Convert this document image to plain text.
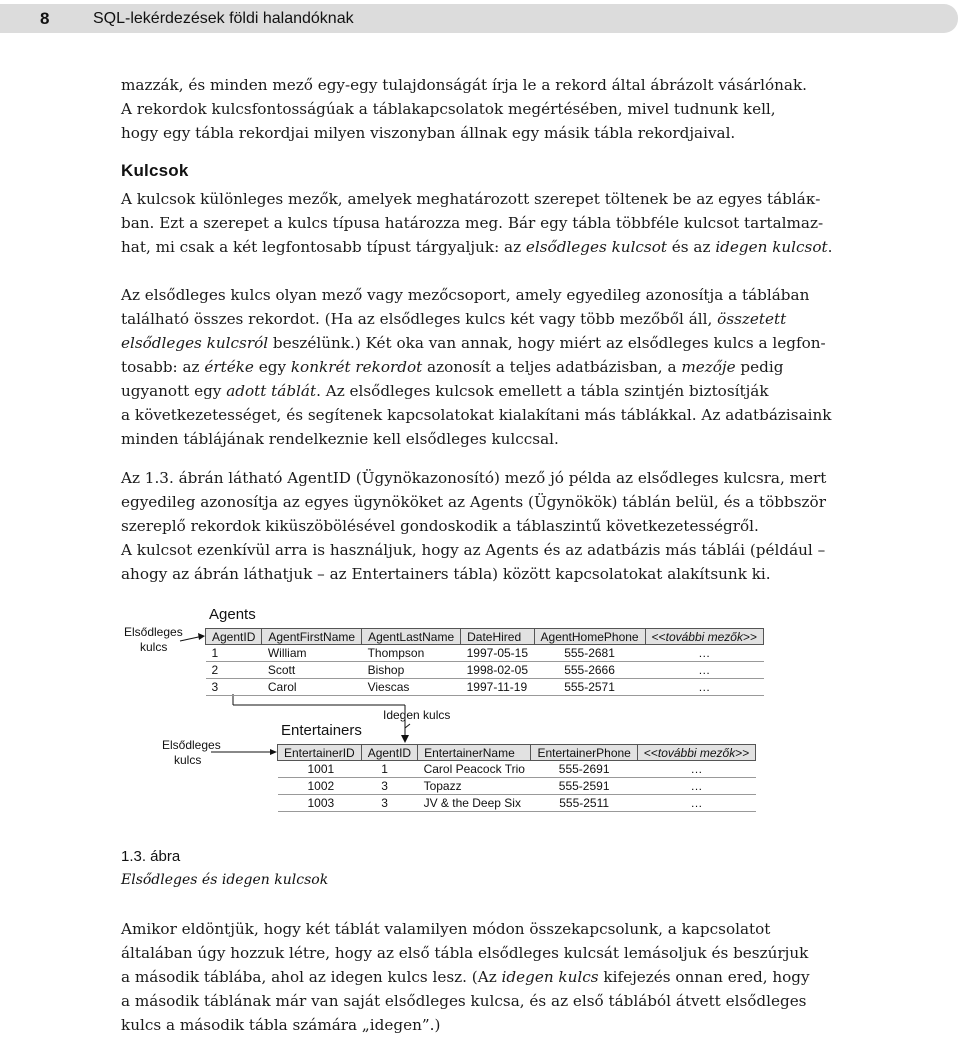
8	SQL-lekérdezések földi halandóknak

mazzák, és minden mező egy-egy tulajdonságát írja le a rekord által ábrázolt vásárlónak.

A rekordok kulcsfontosságúak a táblakapcsolatok megértésében, mivel tudnunk kell,

hogy egy tábla rekordjai milyen viszonyban állnak egy másik tábla rekordjaival.

Kulcsok

A kulcsok különleges mezők, amelyek meghatározott szerepet töltenek be az egyes tábláк-

ban. Ezt a szerepet a kulcs típusa határozza meg. Bár egy tábla többféle kulcsot tartalmaz-

hat, mi csak a két legfontosabb típust tárgyaljuk: az elsődleges kulcsot és az idegen kulcsot.

Az elsődleges kulcs olyan mező vagy mezőcsoport, amely egyedileg azonosítja a táblában

található összes rekordot. (Ha az elsődleges kulcs két vagy több mezőből áll, összetett

elsődleges kulcsról beszélünk.) Két oka van annak, hogy miért az elsődleges kulcs a legfon-

tosabb: az értéke egy konkrét rekordot azonosít a teljes adatbázisban, a mezője pedig

ugyanott egy adott táblát. Az elsődleges kulcsok emellett a tábla szintjén biztosítják

a következetességet, és segítenek kapcsolatokat kialakítani más táblákkal. Az adatbázisaink

minden táblájának rendelkeznie kell elsődleges kulccsal.

Az 1.3. ábrán látható AgentID (Ügynökazonosító) mező jó példa az elsődleges kulcsra, mert

egyedileg azonosítja az egyes ügynököket az Agents (Ügynökök) táblán belül, és a többször

szereplő rekordok kiküszöbölésével gondoskodik a táblaszintű következetességről.

A kulcsot ezenkívül arra is használjuk, hogy az Agents és az adatbázis más táblái (például –

ahogy az ábrán láthatjuk – az Entertainers tábla) között kapcsolatokat alakítsunk ki.

Elsődleges
kulcs
Agents
AgentID	AgentFirstName	AgentLastName	DateHired	AgentHomePhone	<<további mezők>>
1	William	Thompson	1997-05-15	555-2681	…
2	Scott	Bishop	1998-02-05	555-2666	…
3	Carol	Viescas	1997-11-19	555-2571	…
Idegen kulcs
Entertainers
Elsődleges
kulcs
EntertainerID	AgentID	EntertainerName	EntertainerPhone	<<további mezők>>
1001	1	Carol Peacock Trio	555-2691	…
1002	3	Topazz	555-2591	…
1003	3	JV & the Deep Six	555-2511	…
1.3. ábra
Elsődleges és idegen kulcsok

Amikor eldöntjük, hogy két táblát valamilyen módon összekapcsolunk, a kapcsolatot

általában úgy hozzuk létre, hogy az első tábla elsődleges kulcsát lemásoljuk és beszúrjuk

a második táblába, ahol az idegen kulcs lesz. (Az idegen kulcs kifejezés onnan ered, hogy

a második táblának már van saját elsődleges kulcsa, és az első táblából átvett elsődleges

kulcs a második tábla számára „idegen”.)
